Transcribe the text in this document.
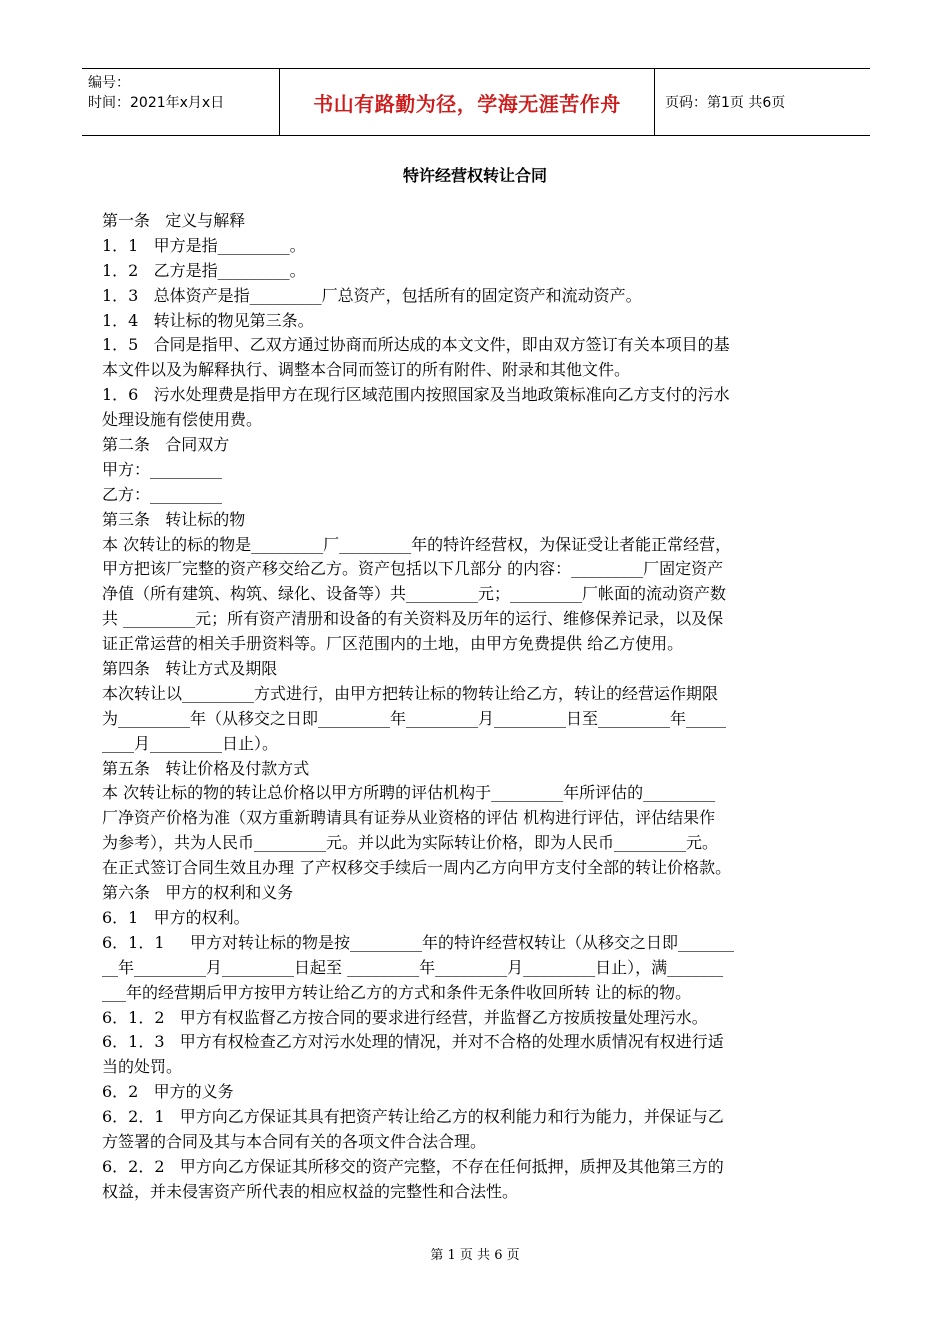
编号：
时间：2021年x月x日	书山有路勤为径，学海无涯苦作舟	页码：第1页 共6页
特许经营权转让合同
第一条   定义与解释
1．1   甲方是指_________。
1．2   乙方是指_________。
1．3   总体资产是指_________厂总资产，包括所有的固定资产和流动资产。
1．4   转让标的物见第三条。
1．5   合同是指甲、乙双方通过协商而所达成的本文文件，即由双方签订有关本项目的基
本文件以及为解释执行、调整本合同而签订的所有附件、附录和其他文件。
1．6   污水处理费是指甲方在现行区域范围内按照国家及当地政策标准向乙方支付的污水
处理设施有偿使用费。
第二条   合同双方
甲方：_________
乙方：_________
第三条   转让标的物
本 次转让的标的物是_________厂_________年的特许经营权，为保证受让者能正常经营，
甲方把该厂完整的资产移交给乙方。资产包括以下几部分 的内容：_________厂固定资产
净值（所有建筑、构筑、绿化、设备等）共_________元；_________厂帐面的流动资产数
共 _________元；所有资产清册和设备的有关资料及历年的运行、维修保养记录，以及保
证正常运营的相关手册资料等。厂区范围内的土地，由甲方免费提供 给乙方使用。
第四条   转让方式及期限
本次转让以_________方式进行，由甲方把转让标的物转让给乙方，转让的经营运作期限
为_________年（从移交之日即_________年_________月_________日至_________年_____
____月_________日止）。
第五条   转让价格及付款方式
本 次转让标的物的转让总价格以甲方所聘的评估机构于_________年所评估的_________
厂净资产价格为准（双方重新聘请具有证券从业资格的评估 机构进行评估，评估结果作
为参考），共为人民币_________元。并以此为实际转让价格，即为人民币_________元。
在正式签订合同生效且办理 了产权移交手续后一周内乙方向甲方支付全部的转让价格款。
第六条   甲方的权利和义务
6．1   甲方的权利。
6．1．1     甲方对转让标的物是按_________年的特许经营权转让（从移交之日即_______
__年_________月_________日起至 _________年_________月_________日止），满_______
___年的经营期后甲方按甲方转让给乙方的方式和条件无条件收回所转 让的标的物。
6．1．2   甲方有权监督乙方按合同的要求进行经营，并监督乙方按质按量处理污水。
6．1．3   甲方有权检查乙方对污水处理的情况，并对不合格的处理水质情况有权进行适
当的处罚。
6．2   甲方的义务
6．2．1   甲方向乙方保证其具有把资产转让给乙方的权利能力和行为能力，并保证与乙
方签署的合同及其与本合同有关的各项文件合法合理。
6．2．2   甲方向乙方保证其所移交的资产完整，不存在任何抵押，质押及其他第三方的
权益，并未侵害资产所代表的相应权益的完整性和合法性。
第 1 页 共 6 页
